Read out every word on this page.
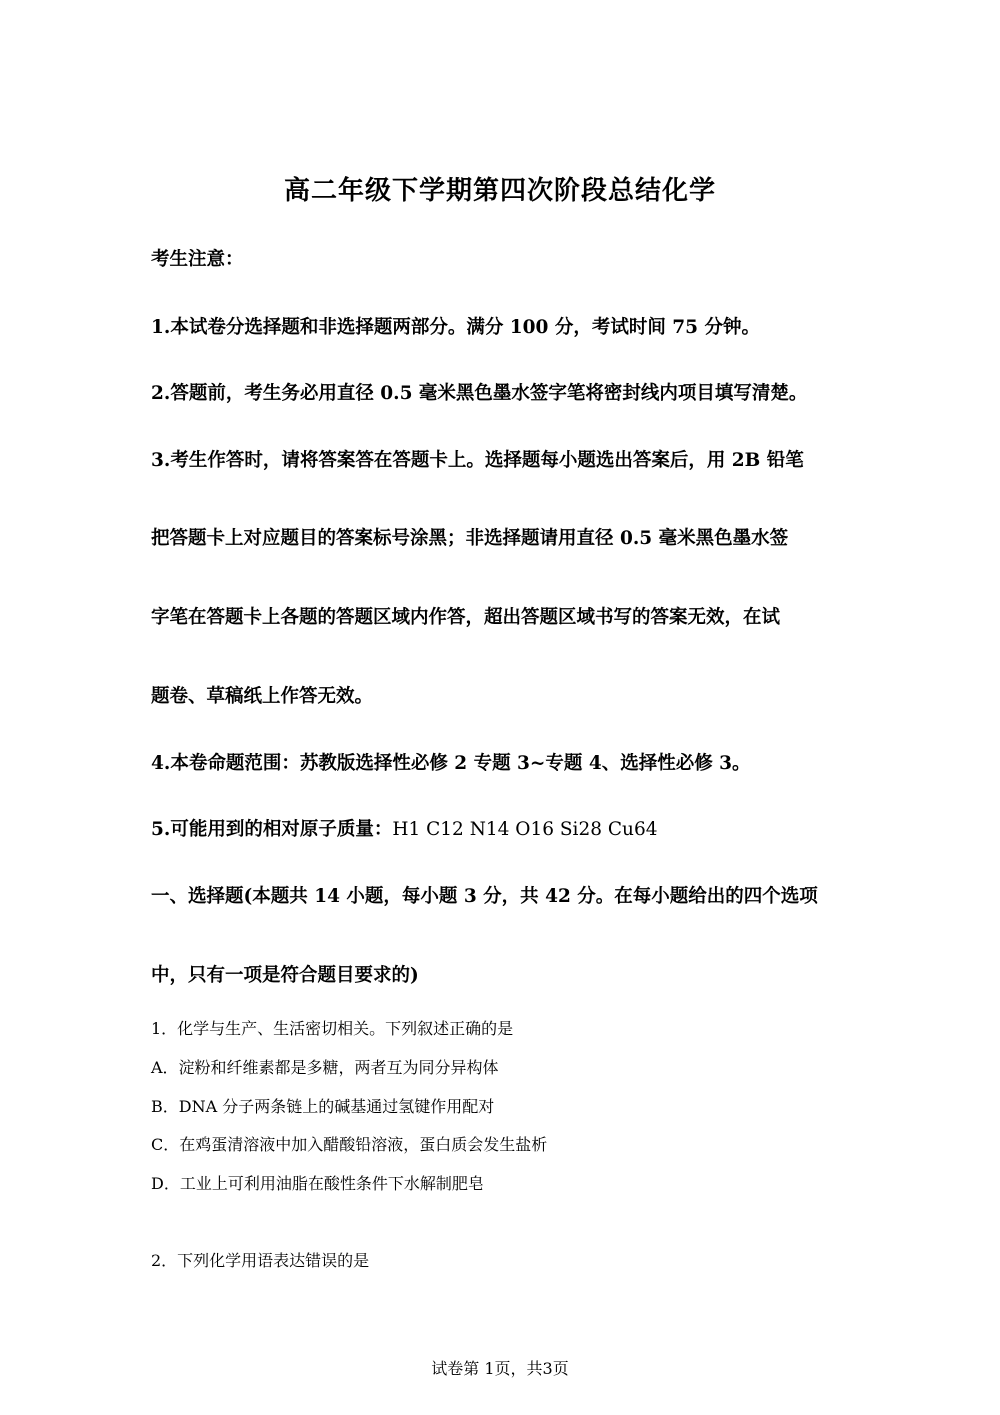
高二年级下学期第四次阶段总结化学
考生注意：
1.本试卷分选择题和非选择题两部分。满分 100 分，考试时间 75 分钟。
2.答题前，考生务必用直径 0.5 毫米黑色墨水签字笔将密封线内项目填写清楚。
3.考生作答时，请将答案答在答题卡上。选择题每小题选出答案后，用 2B 铅笔
把答题卡上对应题目的答案标号涂黑；非选择题请用直径 0.5 毫米黑色墨水签
字笔在答题卡上各题的答题区域内作答，超出答题区域书写的答案无效，在试
题卷、草稿纸上作答无效。
4.本卷命题范围：苏教版选择性必修 2 专题 3~专题 4、选择性必修 3。
5.可能用到的相对原子质量：H1 C12 N14 O16 Si28 Cu64
一、选择题(本题共 14 小题，每小题 3 分，共 42 分。在每小题给出的四个选项
中，只有一项是符合题目要求的)
1．化学与生产、生活密切相关。下列叙述正确的是
A．淀粉和纤维素都是多糖，两者互为同分异构体
B．DNA 分子两条链上的碱基通过氢键作用配对
C．在鸡蛋清溶液中加入醋酸铅溶液，蛋白质会发生盐析
D．工业上可利用油脂在酸性条件下水解制肥皂
2．下列化学用语表达错误的是
试卷第 1页，共3页
